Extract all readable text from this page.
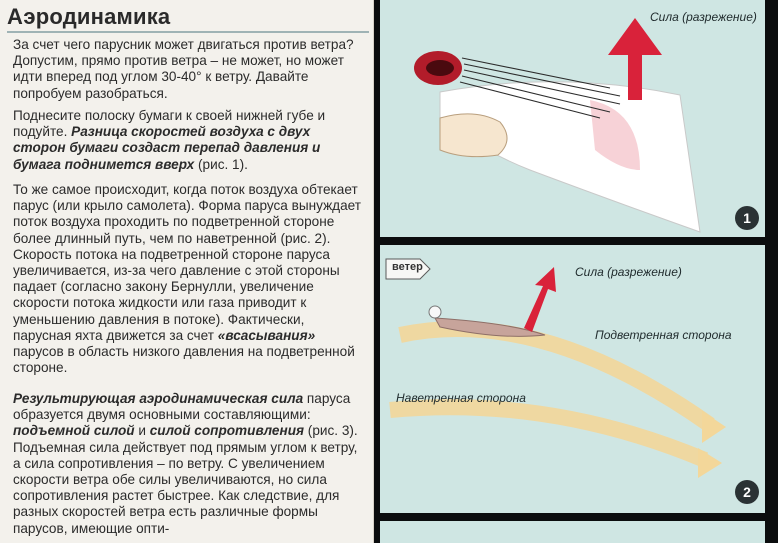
Аэродинамика
За счет чего парусник может двигаться против ветра? Допустим, прямо против ветра – не может, но может идти вперед под углом 30-40° к ветру. Давайте попробуем разобраться.
Поднесите полоску бумаги к своей нижней губе и подуйте. Разница скоростей воздуха с двух сторон бумаги создаст перепад давления и бумага поднимется вверх (рис. 1).
То же самое происходит, когда поток воздуха обтекает парус (или крыло самолета). Форма паруса вынуждает поток воздуха проходить по подветренной стороне более длинный путь, чем по наветренной (рис. 2). Скорость потока на подветренной стороне паруса увеличивается, из-за чего давление с этой стороны падает (согласно закону Бернулли, увеличение скорости потока жидкости или газа приводит к уменьшению давления в потоке). Фактически, парусная яхта движется за счет «всасывания» парусов в область низкого давления на подветренной стороне.
Результирующая аэродинамическая сила паруса образуется двумя основными составляющими: подъемной силой и силой сопротивления (рис. 3). Подъемная сила действует под прямым углом к ветру, а сила сопротивления – по ветру. С увеличением скорости ветра обе силы увеличиваются, но сила сопротивления растет быстрее. Как следствие, для разных скоростей ветра есть различные формы парусов, имеющие опти-
Сила (разрежение)
1
ветер	Сила (разрежение)
Подветренная сторона
Наветренная сторона
2
